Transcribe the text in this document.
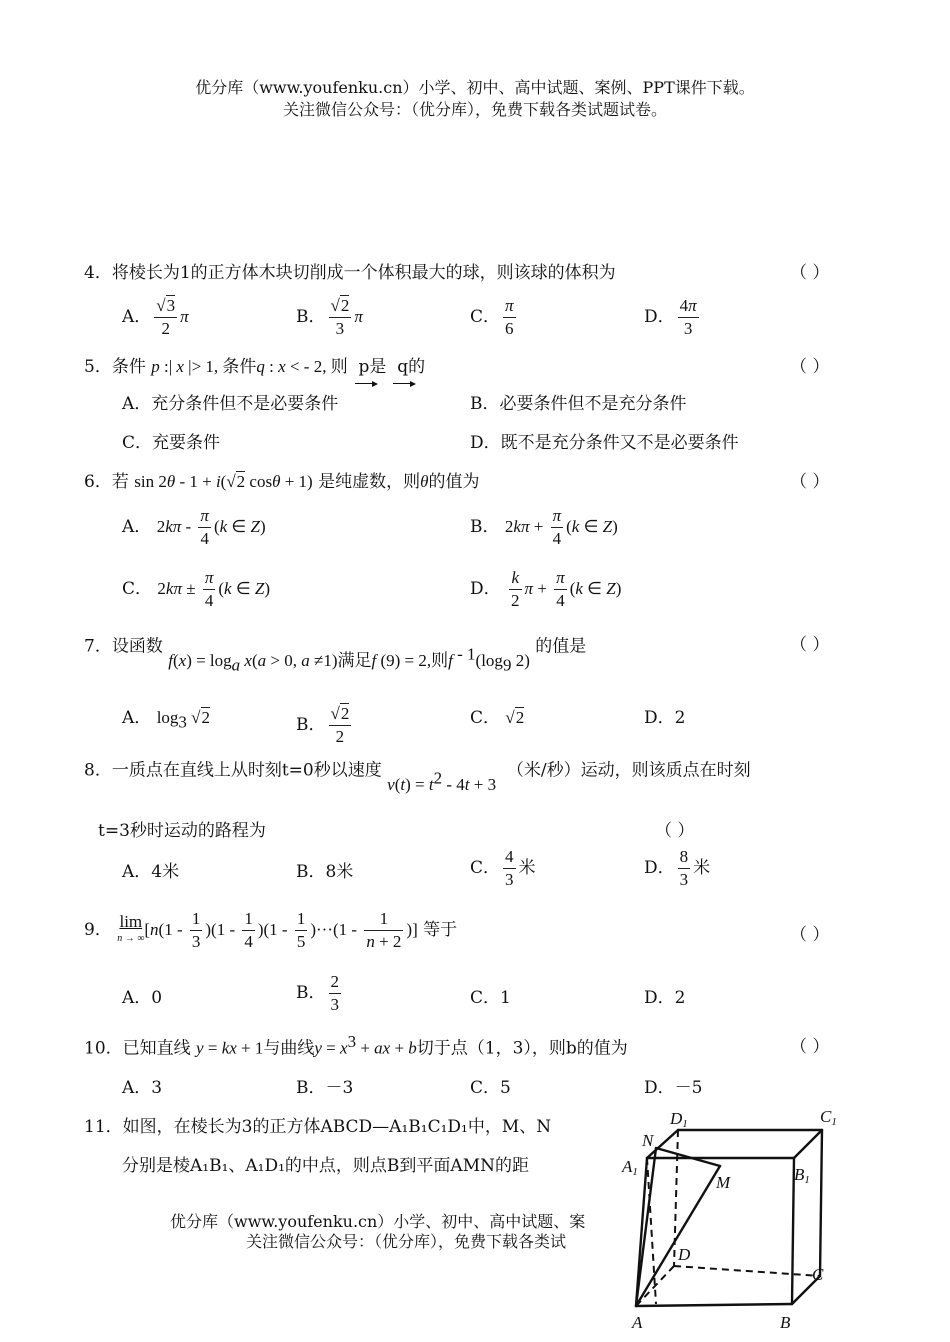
优分库（www.youfenku.cn）小学、初中、高中试题、案例、PPT课件下载。
关注微信公众号：（优分库），免费下载各类试题试卷。
4．将棱长为1的正方体木块切削成一个体积最大的球，则该球的体积为	（ ）
A． $\frac{√3}{2}$ π	B． $\frac{√2}{3}$ π	C． $\frac{\pi}{6}$	D． $\frac{4\pi}{3}$
5．条件 p :| x |> 1, 条件q : x < - 2, 则 p是 q的	（ ）
A．充分条件但不是必要条件	B．必要条件但不是充分条件
C．充要条件	D．既不是充分条件又不是必要条件
6．若 sin 2θ - 1 + i(√2 cosθ + 1) 是纯虚数，则θ的值为	（ ）
A． $2k\pi - \frac{\pi}{4} (k$ ∈ Z)	B． $2k\pi + \frac{\pi}{4} (k$ ∈ Z)
C． $2k\pi \pm \frac{\pi}{4} (k$ ∈ Z)	D． $\frac{k}{2}$ $\pi + \frac{\pi}{4} (k$ ∈ Z)
7．设函数 $f(x) = \log_a x(a > 0$, a ≠1)满足f (9) = 2,则f $^{- 1}(\log_9$ 2) 的值是	（ ）
A． $\log_3 √2$	B． $\frac{√2}{2}$	C． √2	D．2
8．一质点在直线上从时刻t=0秒以速度 $v(t) = t^2 - 4t + 3$  （米/秒）运动，则该质点在时刻
t=3秒时运动的路程为	（ ）
A．4米	B．8米	C． $\frac{4}{3}$ 米	D． $\frac{8}{3}$ 米
9． lim
$n \to \infty[n(1 - \frac{1}{3} )(1 - \frac{1}{4} )(1 - \frac{1}{5} )\cdot\cdot\cdot(1 - \frac{1}{n + 2}$ )] 等于	（ ）
A．0	B． $\frac{2}{3}$	C．1	D．2
10．已知直线 y = kx + 1与曲线$y = x^3$ + ax + b切于点（1，3），则b的值为	（ ）
A．3	B．－3	C．5	D．－5
11．如图，在棱长为3的正方体ABCD—A₁B₁C₁D₁中，M、N
分别是棱A₁B₁、A₁D₁的中点，则点B到平面AMN的距
优分库（www.youfenku.cn）小学、初中、高中试题、案
关注微信公众号：（优分库），免费下载各类试
D1	C1
N
A1
M	B1
D
C
A	B
